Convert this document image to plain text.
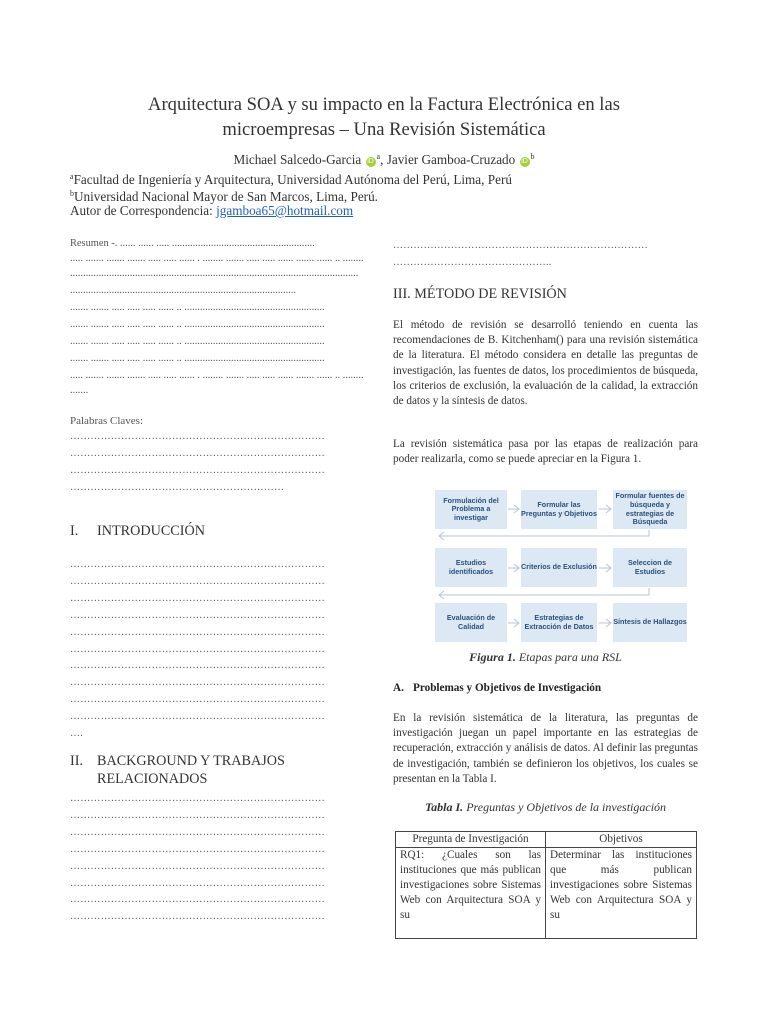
Arquitectura SOA y su impacto en la Factura Electrónica en las
microempresas – Una Revisión Sistemática
Michael Salcedo-Garcia $iD^a$, Javier Gamboa-Cruzado $iD^b$
$^a$Facultad de Ingeniería y Arquitectura, Universidad Autónoma del Perú, Lima, Perú
$^b$Universidad Nacional Mayor de San Marcos, Lima, Perú.
Autor de Correspondencia: jgamboa65@hotmail.com
Resumen -. ...... ...... ..... .......................................................
..... ....... ....... ....... ..... ..... ...... . ........ ....... ..... ..... ...... ....... ...... .. ........
...............................................................................................................
.......................................................................................
....... ....... ..... ..... ..... ...... .. ......................................................
....... ....... ..... ..... ..... ...... .. ......................................................
....... ....... ..... ..... ..... ...... .. ......................................................
....... ....... ..... ..... ..... ...... .. ......................................................
..... ....... ....... ....... ..... ..... ...... . ........ ....... ..... ..... ...... ....... ...... .. ........
.......
Palabras Claves:
…………………………………………………………………
…………………………………………………………………
…………………………………………………………………
………………………………………………………
I. INTRODUCCIÓN
…………………………………………………………………
…………………………………………………………………
…………………………………………………………………
…………………………………………………………………
…………………………………………………………………
…………………………………………………………………
…………………………………………………………………
…………………………………………………………………
…………………………………………………………………
…………………………………………………………………
….
II. BACKGROUND Y TRABAJOS
RELACIONADOS
…………………………………………………………………
…………………………………………………………………
…………………………………………………………………
…………………………………………………………………
…………………………………………………………………
…………………………………………………………………
…………………………………………………………………
…………………………………………………………………
…………………………………………………………………
………………………………………..
III. MÉTODO DE REVISIÓN
El método de revisión se desarrolló teniendo en cuenta las recomendaciones de B. Kitchenham() para una revisión sistemática de la literatura. El método considera en detalle las preguntas de investigación, las fuentes de datos, los procedimientos de búsqueda, los criterios de exclusión, la evaluación de la calidad, la extracción de datos y la síntesis de datos.
La revisión sistemática pasa por las etapas de realización para poder realizarla, como se puede apreciar en la Figura 1.
Formulación del Problema a investigar
Formular las Preguntas y Objetivos
Formular fuentes de búsqueda y estrategias de Búsqueda
Estudios identificados	Criterios de Exclusión	Seleccion de Estudios
Evaluación de Calidad
Estrategias de Extracción de Datos	Síntesis de Hallazgos
Figura 1. Etapas para una RSL
A. Problemas y Objetivos de Investigación
En la revisión sistemática de la literatura, las preguntas de investigación juegan un papel importante en las estrategias de recuperación, extracción y análisis de datos. Al definir las preguntas de investigación, también se definieron los objetivos, los cuales se presentan en la Tabla I.
Tabla I. Preguntas y Objetivos de la investigación
Pregunta de Investigación	Objetivos

RQ1: ¿Cuales son las instituciones que más publican investigaciones sobre Sistemas Web con Arquitectura SOA y su	Determinar las instituciones que más publican investigaciones sobre Sistemas Web con Arquitectura SOA y su
